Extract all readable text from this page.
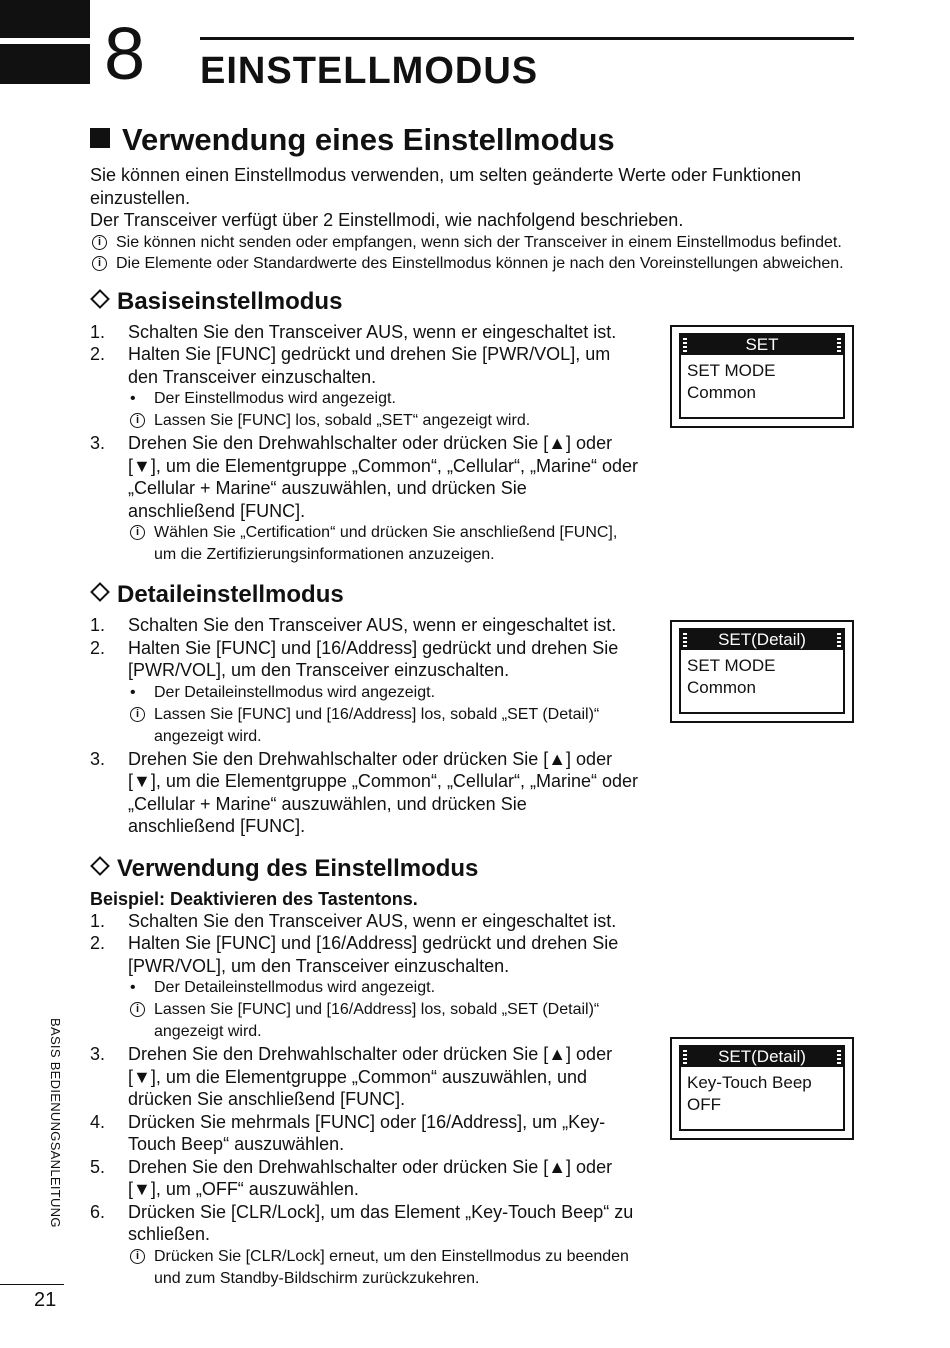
8 EINSTELLMODUS
Verwendung eines Einstellmodus

Sie können einen Einstellmodus verwenden, um selten geänderte Werte oder Funktionen einzustellen.

Der Transceiver verfügt über 2 Einstellmodi, wie nachfolgend beschrieben.

i Sie können nicht senden oder empfangen, wenn sich der Transceiver in einem Einstellmodus befindet.
i Die Elemente oder Standardwerte des Einstellmodus können je nach den Voreinstellungen abweichen.
Basiseinstellmodus
1. Schalten Sie den Transceiver AUS, wenn er eingeschaltet ist.
2. Halten Sie [FUNC] gedrückt und drehen Sie [PWR/VOL], um den Transceiver einzuschalten.
• Der Einstellmodus wird angezeigt.
i Lassen Sie [FUNC] los, sobald „SET“ angezeigt wird.
3. Drehen Sie den Drehwahlschalter oder drücken Sie [▲] oder [▼], um die Elementgruppe „Common“, „Cellular“, „Marine“ oder „Cellular + Marine“ auszuwählen, und drücken Sie anschließend [FUNC].
i Wählen Sie „Certification“ und drücken Sie anschließend [FUNC], um die Zertifizierungsinformationen anzuzeigen.
Detaileinstellmodus
1. Schalten Sie den Transceiver AUS, wenn er eingeschaltet ist.
2. Halten Sie [FUNC] und [16/Address] gedrückt und drehen Sie [PWR/VOL], um den Transceiver einzuschalten.
• Der Detaileinstellmodus wird angezeigt.
i Lassen Sie [FUNC] und [16/Address] los, sobald „SET (Detail)“ angezeigt wird.
3. Drehen Sie den Drehwahlschalter oder drücken Sie [▲] oder [▼], um die Elementgruppe „Common“, „Cellular“, „Marine“ oder „Cellular + Marine“ auszuwählen, und drücken Sie anschließend [FUNC].
Verwendung des Einstellmodus
Beispiel: Deaktivieren des Tastentons.
1. Schalten Sie den Transceiver AUS, wenn er eingeschaltet ist.
2. Halten Sie [FUNC] und [16/Address] gedrückt und drehen Sie [PWR/VOL], um den Transceiver einzuschalten.
• Der Detaileinstellmodus wird angezeigt.
i Lassen Sie [FUNC] und [16/Address] los, sobald „SET (Detail)“ angezeigt wird.
3. Drehen Sie den Drehwahlschalter oder drücken Sie [▲] oder [▼], um die Elementgruppe „Common“ auszuwählen, und drücken Sie anschließend [FUNC].
4. Drücken Sie mehrmals [FUNC] oder [16/Address], um „Key-Touch Beep“ auszuwählen.
5. Drehen Sie den Drehwahlschalter oder drücken Sie [▲] oder [▼], um „OFF“ auszuwählen.
6. Drücken Sie [CLR/Lock], um das Element „Key-Touch Beep“ zu schließen.
i Drücken Sie [CLR/Lock] erneut, um den Einstellmodus zu beenden und zum Standby-Bildschirm zurückzukehren.
SET
SET MODE
Common
SET(Detail)
SET MODE
Common
SET(Detail)
Key-Touch Beep
OFF
BASIS BEDIENUNGSANLEITUNG
21
